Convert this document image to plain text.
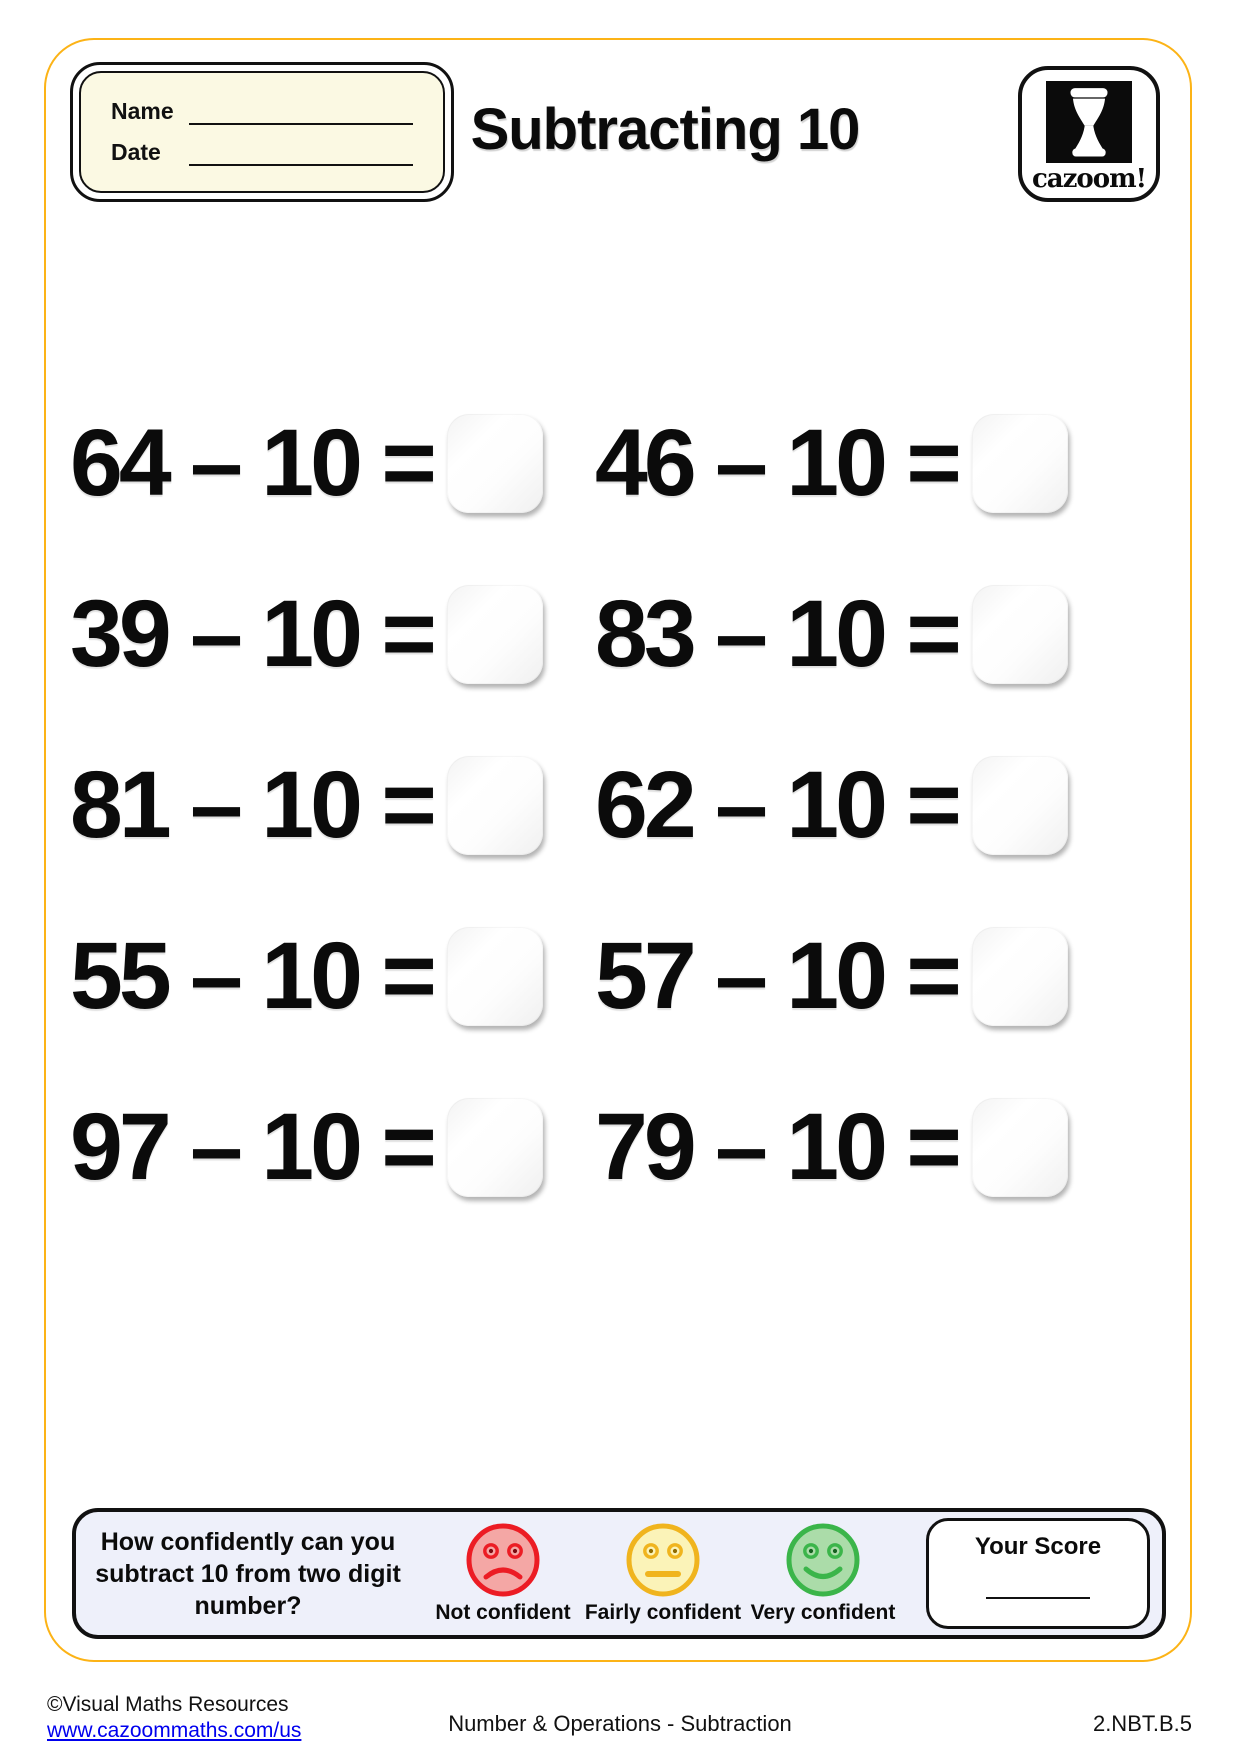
Name
Date	Subtracting 10
cazoom!
64 – 10 = 46 – 10 =
39 – 10 = 83 – 10 =
81 – 10 = 62 – 10 =
55 – 10 = 57 – 10 =
97 – 10 = 79 – 10 =
How confidently can you subtract 10 from two digit number?	Not confident Fairly confident Very confident
Your Score
©Visual Maths Resources
www.cazoommaths.com/us	Number & Operations - Subtraction	2.NBT.B.5
